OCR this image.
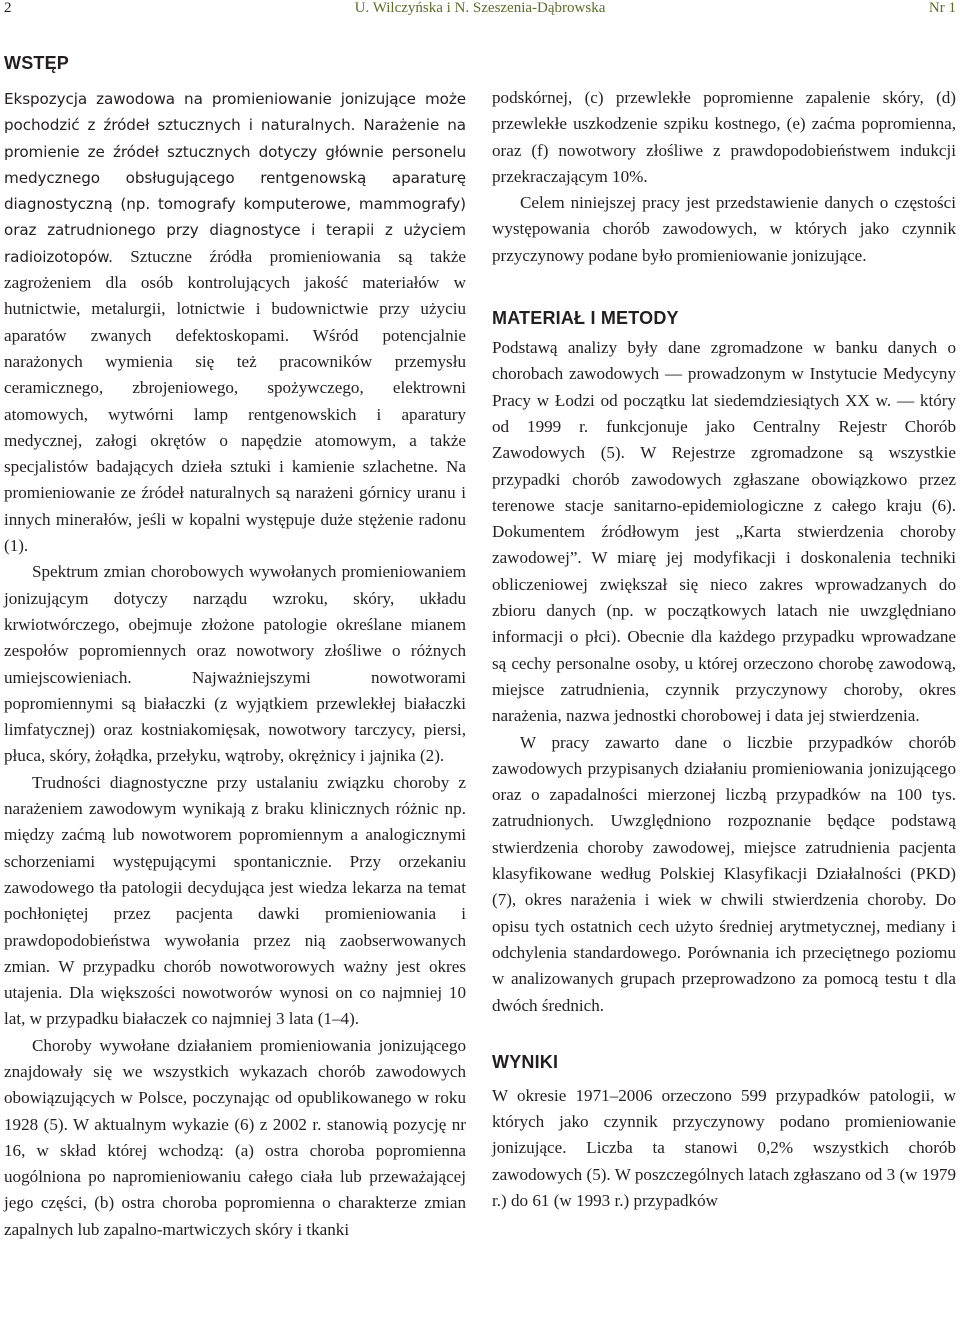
2	U. Wilczyńska i N. Szeszenia-Dąbrowska	Nr 1
WSTĘP

Ekspozycja zawodowa na promieniowanie jonizujące może pochodzić z źródeł sztucznych i naturalnych. Narażenie na promienie ze źródeł sztucznych dotyczy głównie personelu medycznego obsługującego rentgenowską aparaturę diagnostyczną (np. tomografy komputerowe, mammografy) oraz zatrudnionego przy diagnostyce i terapii z użyciem radioizotopów. Sztuczne źródła promieniowania są także zagrożeniem dla osób kontrolujących jakość materiałów w hutnictwie, metalurgii, lotnictwie i budownictwie przy użyciu aparatów zwanych defektoskopami. Wśród potencjalnie narażonych wymienia się też pracowników przemysłu ceramicznego, zbrojeniowego, spożywczego, elektrowni atomowych, wytwórni lamp rentgenowskich i aparatury medycznej, załogi okrętów o napędzie atomowym, a także specjalistów badających dzieła sztuki i kamienie szlachetne. Na promieniowanie ze źródeł naturalnych są narażeni górnicy uranu i innych minerałów, jeśli w kopalni występuje duże stężenie radonu (1).

Spektrum zmian chorobowych wywołanych promieniowaniem jonizującym dotyczy narządu wzroku, skóry, układu krwiotwórczego, obejmuje złożone patologie określane mianem zespołów popromiennych oraz nowotwory złośliwe o różnych umiejscowieniach. Najważniejszymi nowotworami popromiennymi są białaczki (z wyjątkiem przewlekłej białaczki limfatycznej) oraz kostniakomięsak, nowotwory tarczycy, piersi, płuca, skóry, żołądka, przełyku, wątroby, okrężnicy i jajnika (2).

Trudności diagnostyczne przy ustalaniu związku choroby z narażeniem zawodowym wynikają z braku klinicznych różnic np. między zaćmą lub nowotworem popromiennym a analogicznymi schorzeniami występującymi spontanicznie. Przy orzekaniu zawodowego tła patologii decydująca jest wiedza lekarza na temat pochłoniętej przez pacjenta dawki promieniowania i prawdopodobieństwa wywołania przez nią zaobserwowanych zmian. W przypadku chorób nowotworowych ważny jest okres utajenia. Dla większości nowotworów wynosi on co najmniej 10 lat, w przypadku białaczek co najmniej 3 lata (1–4).

Choroby wywołane działaniem promieniowania jonizującego znajdowały się we wszystkich wykazach chorób zawodowych obowiązujących w Polsce, poczynając od opublikowanego w roku 1928 (5). W aktualnym wykazie (6) z 2002 r. stanowią pozycję nr 16, w skład której wchodzą: (a) ostra choroba popromienna uogólniona po napromieniowaniu całego ciała lub przeważającej jego części, (b) ostra choroba popromienna o charakterze zmian zapalnych lub zapalno-martwiczych skóry i tkanki

podskórnej, (c) przewlekłe popromienne zapalenie skóry, (d) przewlekłe uszkodzenie szpiku kostnego, (e) zaćma popromienna, oraz (f) nowotwory złośliwe z prawdopodobieństwem indukcji przekraczającym 10%.

Celem niniejszej pracy jest przedstawienie danych o częstości występowania chorób zawodowych, w których jako czynnik przyczynowy podane było promieniowanie jonizujące.

MATERIAŁ I METODY

Podstawą analizy były dane zgromadzone w banku danych o chorobach zawodowych — prowadzonym w Instytucie Medycyny Pracy w Łodzi od początku lat siedemdziesiątych XX w. — który od 1999 r. funkcjonuje jako Centralny Rejestr Chorób Zawodowych (5). W Rejestrze zgromadzone są wszystkie przypadki chorób zawodowych zgłaszane obowiązkowo przez terenowe stacje sanitarno-epidemiologiczne z całego kraju (6). Dokumentem źródłowym jest „Karta stwierdzenia choroby zawodowej”. W miarę jej modyfikacji i doskonalenia techniki obliczeniowej zwiększał się nieco zakres wprowadzanych do zbioru danych (np. w początkowych latach nie uwzględniano informacji o płci). Obecnie dla każdego przypadku wprowadzane są cechy personalne osoby, u której orzeczono chorobę zawodową, miejsce zatrudnienia, czynnik przyczynowy choroby, okres narażenia, nazwa jednostki chorobowej i data jej stwierdzenia.

W pracy zawarto dane o liczbie przypadków chorób zawodowych przypisanych działaniu promieniowania jonizującego oraz o zapadalności mierzonej liczbą przypadków na 100 tys. zatrudnionych. Uwzględniono rozpoznanie będące podstawą stwierdzenia choroby zawodowej, miejsce zatrudnienia pacjenta klasyfikowane według Polskiej Klasyfikacji Działalności (PKD) (7), okres narażenia i wiek w chwili stwierdzenia choroby. Do opisu tych ostatnich cech użyto średniej arytmetycznej, mediany i odchylenia standardowego. Porównania ich przeciętnego poziomu w analizowanych grupach przeprowadzono za pomocą testu t dla dwóch średnich.

WYNIKI

W okresie 1971–2006 orzeczono 599 przypadków patologii, w których jako czynnik przyczynowy podano promieniowanie jonizujące. Liczba ta stanowi 0,2% wszystkich chorób zawodowych (5). W poszczególnych latach zgłaszano od 3 (w 1979 r.) do 61 (w 1993 r.) przypadków
